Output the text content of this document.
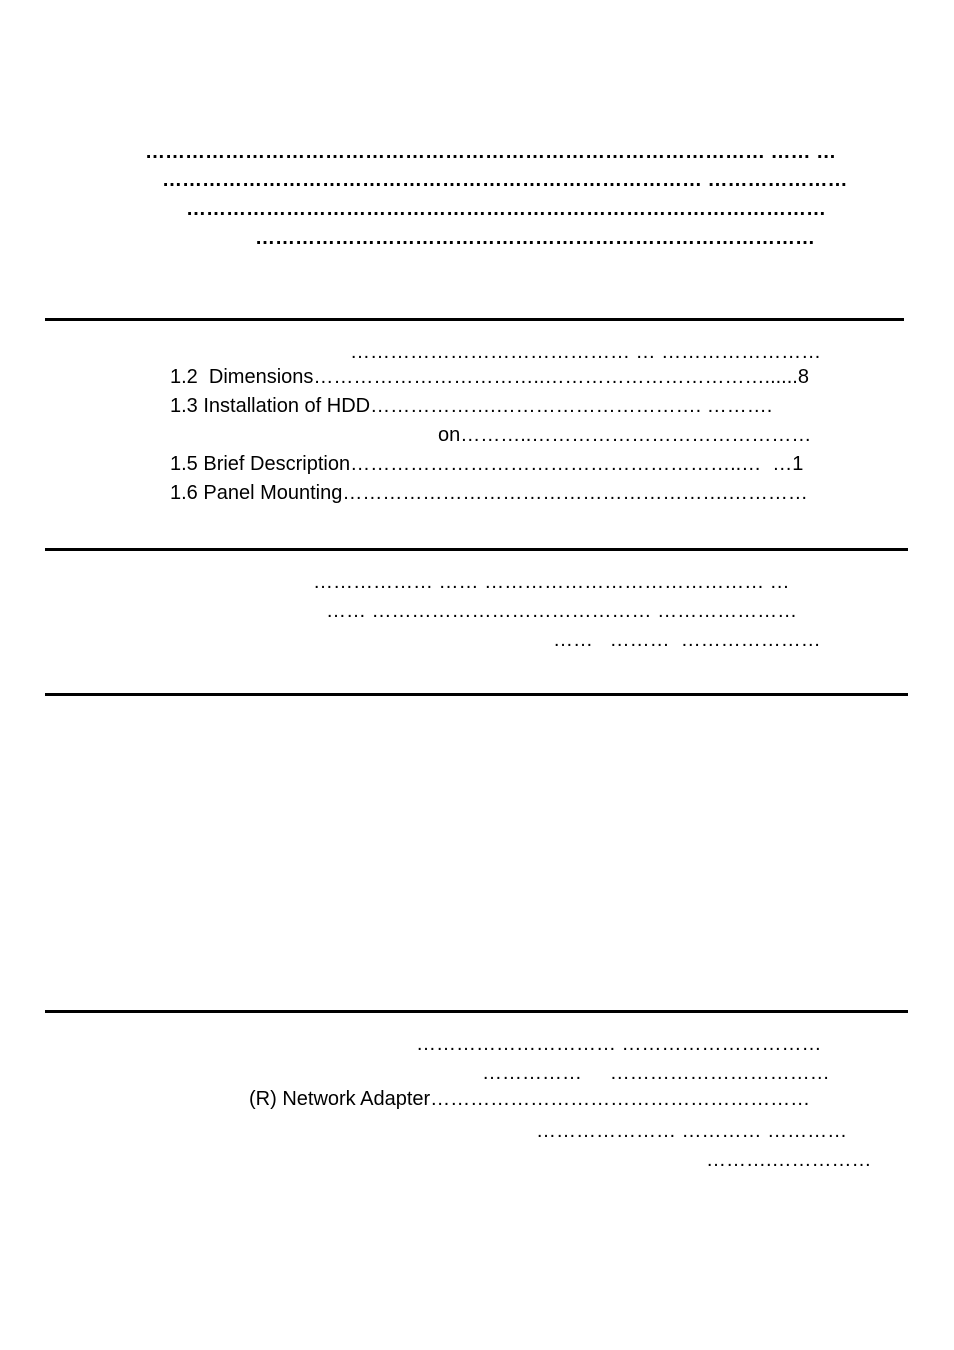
………………………………………………………………………………… …… …
……………………………………………………………………… …………………
……………………………………………………………………………………
…………………………………………………………………………
…………………………………… … ……………………
1.2  Dimensions……………………………..……………………………......8
1.3 Installation of HDD……………….…………………………. ……….
on………..……………………………………
1.5 Brief Description…………………………………………………..…  …1
1.6 Panel Mounting………………………………………………….…………
……………… …… …………………………………… …
…… …………………………………… …………………
……   ………  …………………
………………………… …………………………
……………     ……………………………
(R) Network Adapter…………………………………………………
………………… ………… …………
……….……………
